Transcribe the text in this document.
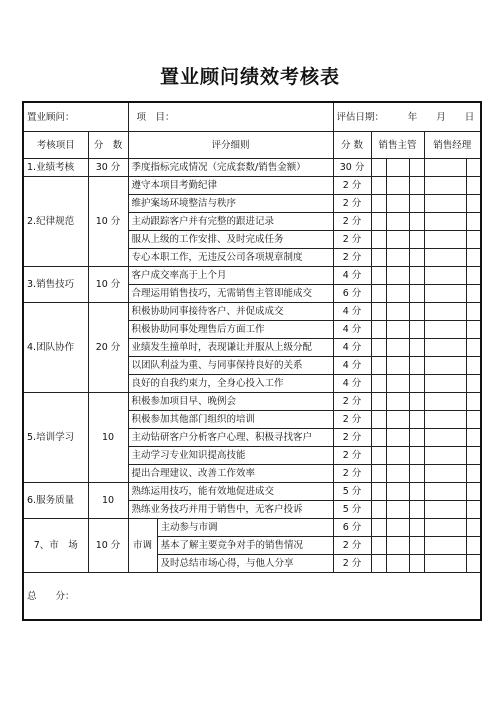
置业顾问绩效考核表
置业顾问：		项　目：		评估日期：　　　年　　月　　日					
考核项目	分　数	评分细则		分 数	销售主管			销售经理	
1.业绩考核	30 分	季度指标完成情况（完成套数/销售金额）		30 分					
2.纪律规范	10 分	遵守本项目考勤纪律		2 分					
		维护案场环境整洁与秩序		2 分					
		主动跟踪客户并有完整的跟进记录		2 分					
		服从上级的工作安排、及时完成任务		2 分					
		专心本职工作，无违反公司各项规章制度		2 分					
3.销售技巧	10 分	客户成交率高于上个月		4 分					
		合理运用销售技巧，无需销售主管即能成交		6 分					
4.团队协作	20 分	积极协助同事接待客户、并促成成交		4 分					
		积极协助同事处理售后方面工作		4 分					
		业绩发生撞单时，表现谦让并服从上级分配		4 分					
		以团队利益为重、与同事保持良好的关系		4 分					
		良好的自我约束力，全身心投入工作		4 分					
5.培训学习	10	积极参加项目早、晚例会		2 分					
		积极参加其他部门组织的培训		2 分					
		主动钻研客户分析客户心理、积极寻找客户		2 分					
		主动学习专业知识提高技能		2 分					
		提出合理建议、改善工作效率		2 分					
6.服务质量	10	熟练运用技巧，能有效地促进成交		5 分					
		熟练业务技巧并用于销售中，无客户投诉		5 分					
7、市　场	10 分	市调	主动参与市调	6 分					
			基本了解主要竞争对手的销售情况	2 分					
			及时总结市场心得，与他人分享	2 分					
总　　分：									
